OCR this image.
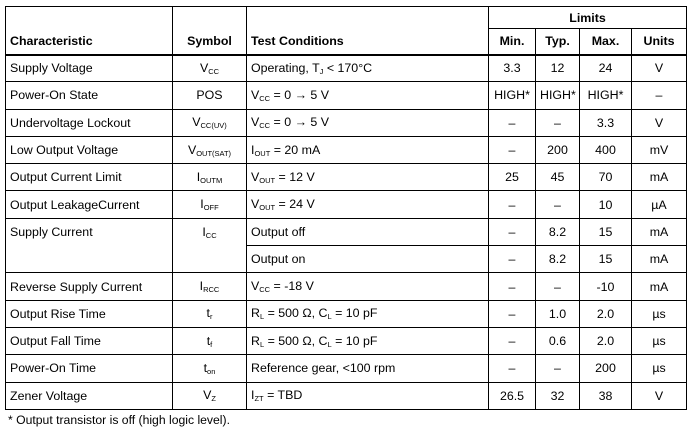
			Limits			
Characteristic	Symbol	Test Conditions	Min.	Typ.	Max.	Units
Supply Voltage	$V_{CC}$	Operating, $T_J < 170^\circ C$	3.3	12	24	V
Power-On State	POS	$V_{CC} = 0 \to 5$ V	HIGH*	HIGH*	HIGH*	–
Undervoltage Lockout	$V_{CC(UV)}$	$V_{CC} = 0 \to 5$ V	–	–	3.3	V
Low Output Voltage	$V_{OUT(SAT)}$	$I_{OUT} = 20$ mA	–	200	400	mV
Output Current Limit	$I_{OUTM}$	$V_{OUT} = 12$ V	25	45	70	mA
Output LeakageCurrent	$I_{OFF}$	$V_{OUT} = 24$ V	–	–	10	µA
Supply Current	$I_{CC}$	Output off	–	8.2	15	mA
		Output on	–	8.2	15	mA
Reverse Supply Current	$I_{RCC}$	$V_{CC} = -18$ V	–	–	-10	mA
Output Rise Time	$t_r$	$R_L = 500$ Ω, $C_L = 10$ pF	–	1.0	2.0	µs
Output Fall Time	$t_f$	$R_L = 500$ Ω, $C_L = 10$ pF	–	0.6	2.0	µs
Power-On Time	$t_{on}$	Reference gear, <100 rpm	–	–	200	µs
Zener Voltage	$V_Z$	$I_{ZT}$ = TBD	26.5	32	38	V
* Output transistor is off (high logic level).
